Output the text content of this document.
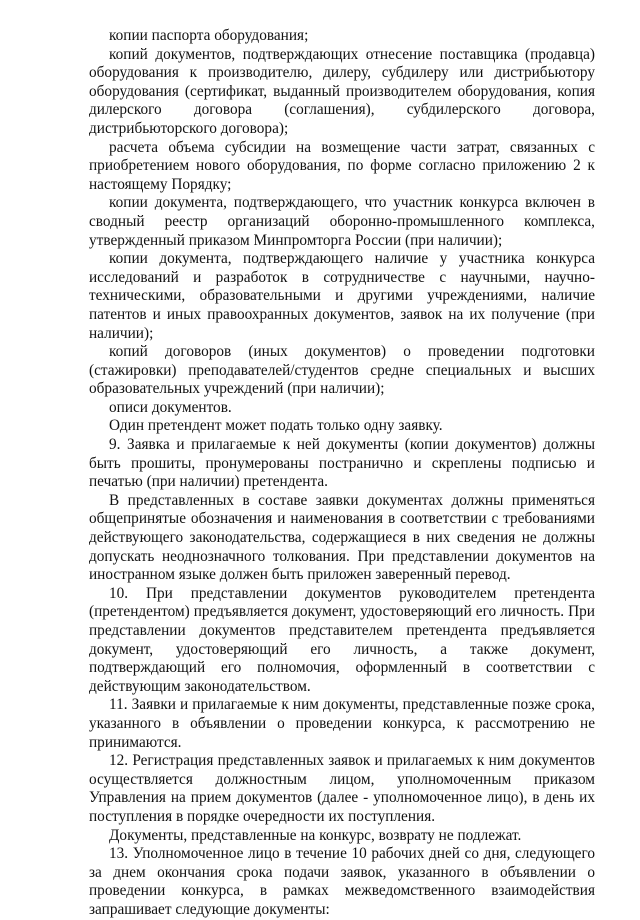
копии паспорта оборудования;

копий документов, подтверждающих отнесение поставщика (продавца) оборудования к производителю, дилеру, субдилеру или дистрибьютору оборудования (сертификат, выданный производителем оборудования, копия дилерского договора (соглашения), субдилерского договора, дистрибьюторского договора);

расчета объема субсидии на возмещение части затрат, связанных с приобретением нового оборудования, по форме согласно приложению 2 к настоящему Порядку;

копии документа, подтверждающего, что участник конкурса включен в сводный реестр организаций оборонно-промышленного комплекса, утвержденный приказом Минпромторга России (при наличии);

копии документа, подтверждающего наличие у участника конкурса исследований и разработок в сотрудничестве с научными, научно-техническими, образовательными и другими учреждениями, наличие патентов и иных правоохранных документов, заявок на их получение (при наличии);

копий договоров (иных документов) о проведении подготовки (стажировки) преподавателей/студентов средне специальных и высших образовательных учреждений (при наличии);

описи документов.

Один претендент может подать только одну заявку.

9. Заявка и прилагаемые к ней документы (копии документов) должны быть прошиты, пронумерованы постранично и скреплены подписью и печатью (при наличии) претендента.

В представленных в составе заявки документах должны применяться общепринятые обозначения и наименования в соответствии с требованиями действующего законодательства, содержащиеся в них сведения не должны допускать неоднозначного толкования. При представлении документов на иностранном языке должен быть приложен заверенный перевод.

10. При представлении документов руководителем претендента (претендентом) предъявляется документ, удостоверяющий его личность. При представлении документов представителем претендента предъявляется документ, удостоверяющий его личность, а также документ, подтверждающий его полномочия, оформленный в соответствии с действующим законодательством.

11. Заявки и прилагаемые к ним документы, представленные позже срока, указанного в объявлении о проведении конкурса, к рассмотрению не принимаются.

12. Регистрация представленных заявок и прилагаемых к ним документов осуществляется должностным лицом, уполномоченным приказом Управления на прием документов (далее - уполномоченное лицо), в день их поступления в порядке очередности их поступления.

Документы, представленные на конкурс, возврату не подлежат.

13. Уполномоченное лицо в течение 10 рабочих дней со дня, следующего за днем окончания срока подачи заявок, указанного в объявлении о проведении конкурса, в рамках межведомственного взаимодействия запрашивает следующие документы:
